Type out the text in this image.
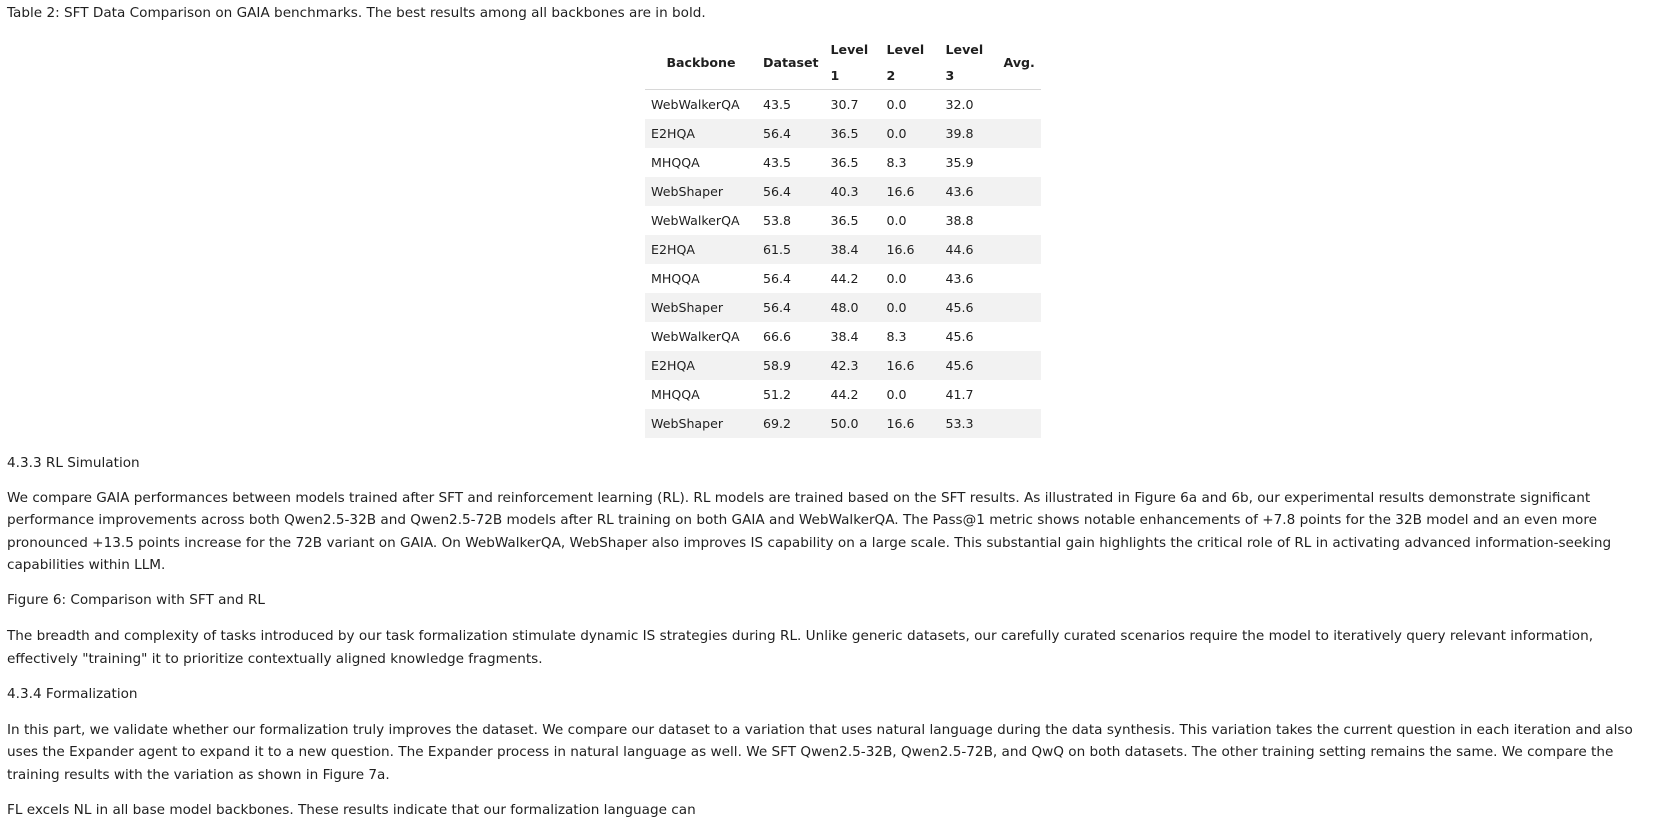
Table 2: SFT Data Comparison on GAIA benchmarks. The best results among all backbones are in bold.

Backbone	Dataset	Level 1	Level 2	Level 3	Avg.
WebWalkerQA	43.5	30.7	0.0	32.0	
E2HQA	56.4	36.5	0.0	39.8	
MHQQA	43.5	36.5	8.3	35.9	
WebShaper	56.4	40.3	16.6	43.6	
WebWalkerQA	53.8	36.5	0.0	38.8	
E2HQA	61.5	38.4	16.6	44.6	
MHQQA	56.4	44.2	0.0	43.6	
WebShaper	56.4	48.0	0.0	45.6	
WebWalkerQA	66.6	38.4	8.3	45.6	
E2HQA	58.9	42.3	16.6	45.6	
MHQQA	51.2	44.2	0.0	41.7	
WebShaper	69.2	50.0	16.6	53.3	

4.3.3 RL Simulation

We compare GAIA performances between models trained after SFT and reinforcement learning (RL). RL models are trained based on the SFT results. As illustrated in Figure 6a and 6b, our experimental results demonstrate significant performance improvements across both Qwen2.5-32B and Qwen2.5-72B models after RL training on both GAIA and WebWalkerQA. The Pass@1 metric shows notable enhancements of +7.8 points for the 32B model and an even more pronounced +13.5 points increase for the 72B variant on GAIA. On WebWalkerQA, WebShaper also improves IS capability on a large scale. This substantial gain highlights the critical role of RL in activating advanced information-seeking capabilities within LLM.

Figure 6: Comparison with SFT and RL

The breadth and complexity of tasks introduced by our task formalization stimulate dynamic IS strategies during RL. Unlike generic datasets, our carefully curated scenarios require the model to iteratively query relevant information, effectively "training" it to prioritize contextually aligned knowledge fragments.

4.3.4 Formalization

In this part, we validate whether our formalization truly improves the dataset. We compare our dataset to a variation that uses natural language during the data synthesis. This variation takes the current question in each iteration and also uses the Expander agent to expand it to a new question. The Expander process in natural language as well. We SFT Qwen2.5-32B, Qwen2.5-72B, and QwQ on both datasets. The other training setting remains the same. We compare the training results with the variation as shown in Figure 7a.

FL excels NL in all base model backbones. These results indicate that our formalization language can
